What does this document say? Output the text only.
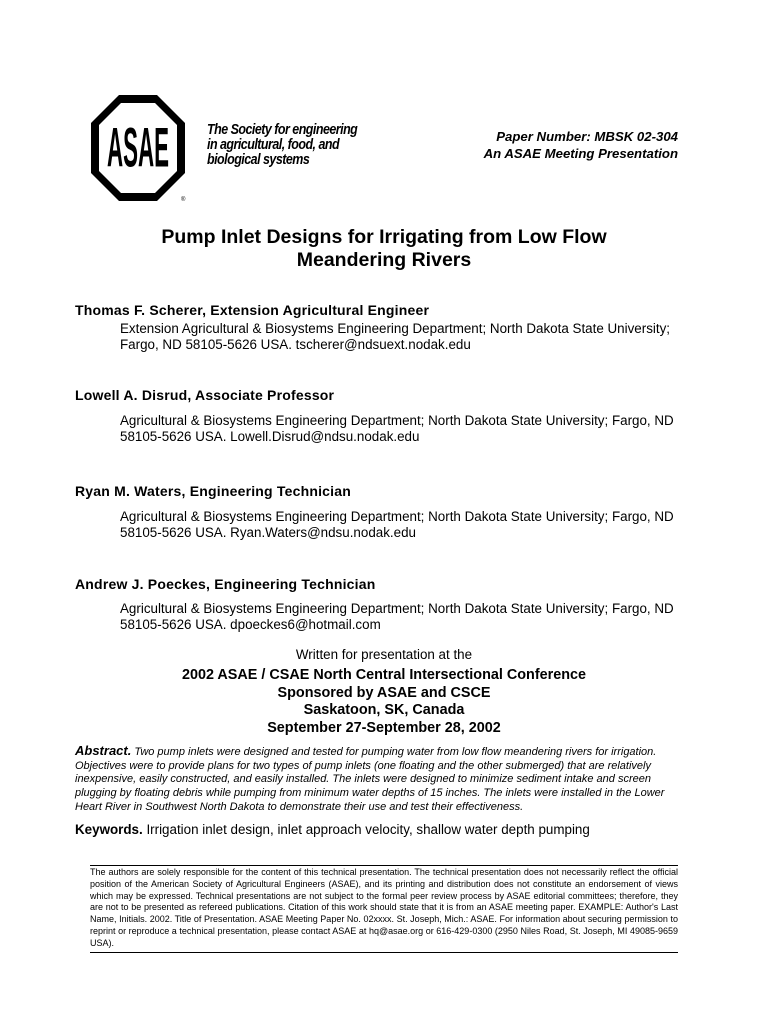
ASAE
®
The Society for engineering
in agricultural, food, and
biological systems
Paper Number: MBSK 02-304
An ASAE Meeting Presentation
Pump Inlet Designs for Irrigating from Low Flow
Meandering Rivers
Thomas F. Scherer, Extension Agricultural Engineer
Extension Agricultural & Biosystems Engineering Department; North Dakota State University;
Fargo, ND 58105-5626 USA. tscherer@ndsuext.nodak.edu
Lowell A. Disrud, Associate Professor
Agricultural & Biosystems Engineering Department; North Dakota State University; Fargo, ND
58105-5626 USA. Lowell.Disrud@ndsu.nodak.edu
Ryan M. Waters, Engineering Technician
Agricultural & Biosystems Engineering Department; North Dakota State University; Fargo, ND
58105-5626 USA. Ryan.Waters@ndsu.nodak.edu
Andrew J. Poeckes, Engineering Technician
Agricultural & Biosystems Engineering Department; North Dakota State University; Fargo, ND
58105-5626 USA. dpoeckes6@hotmail.com
Written for presentation at the
2002 ASAE / CSAE North Central Intersectional Conference
Sponsored by ASAE and CSCE
Saskatoon, SK, Canada
September 27-September 28, 2002
Abstract. Two pump inlets were designed and tested for pumping water from low flow meandering rivers for irrigation. Objectives were to provide plans for two types of pump inlets (one floating and the other submerged) that are relatively inexpensive, easily constructed, and easily installed. The inlets were designed to minimize sediment intake and screen plugging by floating debris while pumping from minimum water depths of 15 inches. The inlets were installed in the Lower Heart River in Southwest North Dakota to demonstrate their use and test their effectiveness.
Keywords. Irrigation inlet design, inlet approach velocity, shallow water depth pumping
The authors are solely responsible for the content of this technical presentation. The technical presentation does not necessarily reflect the official position of the American Society of Agricultural Engineers (ASAE), and its printing and distribution does not constitute an endorsement of views which may be expressed. Technical presentations are not subject to the formal peer review process by ASAE editorial committees; therefore, they are not to be presented as refereed publications. Citation of this work should state that it is from an ASAE meeting paper. EXAMPLE: Author's Last Name, Initials. 2002. Title of Presentation. ASAE Meeting Paper No. 02xxxx. St. Joseph, Mich.: ASAE. For information about securing permission to reprint or reproduce a technical presentation, please contact ASAE at hq@asae.org or 616-429-0300 (2950 Niles Road, St. Joseph, MI 49085-9659 USA).
